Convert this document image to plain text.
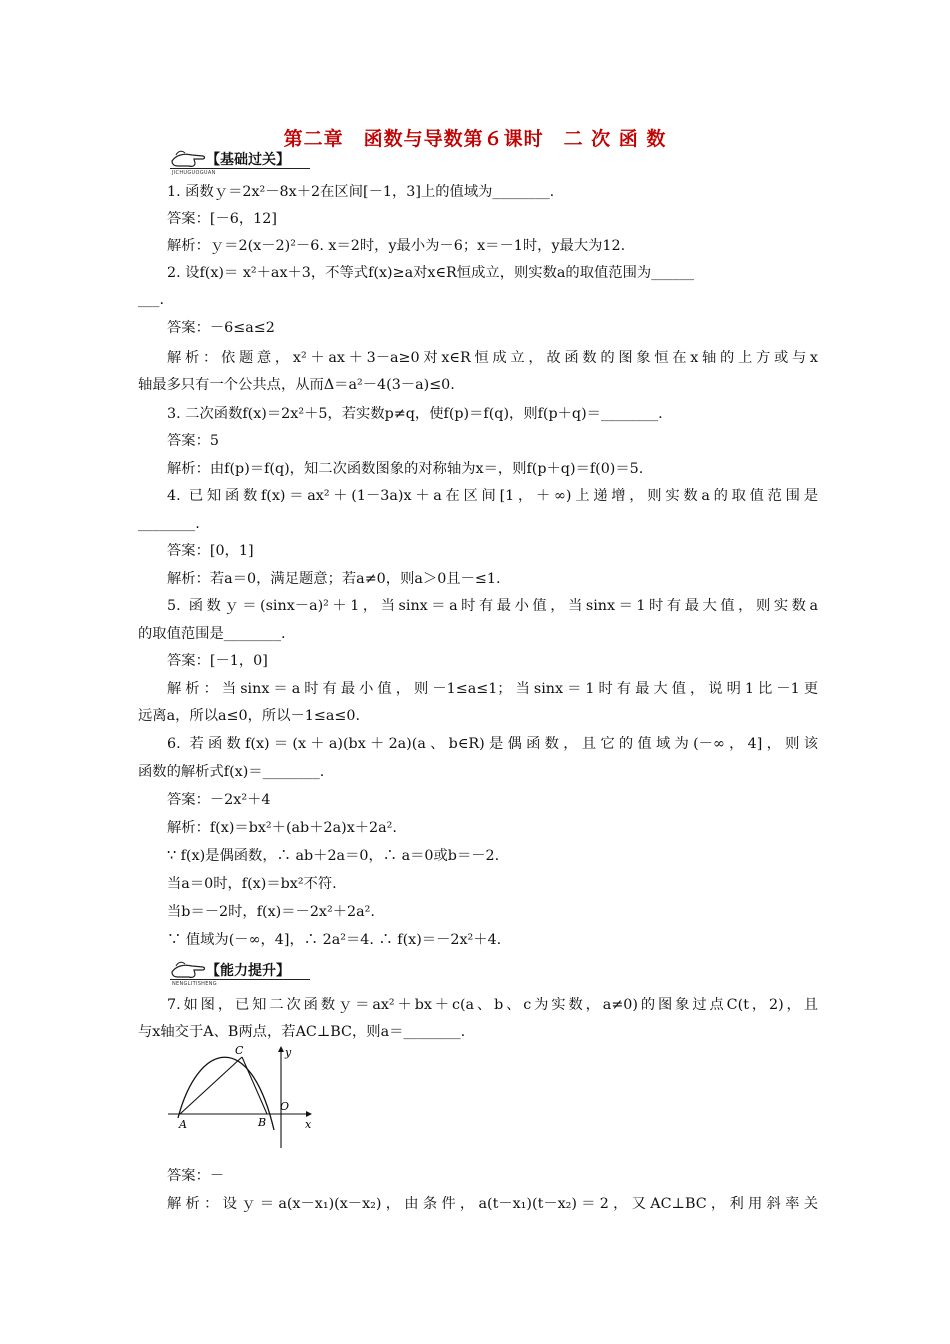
第二章　函数与导数第６课时　二 次 函 数
【基础过关】
JICHUGUOGUAN
1. 函数ｙ＝2x²－8x＋2在区间[－1，3]上的值域为________.
答案：[－6，12]
解析：ｙ＝2(x－2)²－6. x＝2时，y最小为－6；x＝－1时，y最大为12.
2. 设f(x)＝ x²＋ax＋3，不等式f(x)≥a对x∈R恒成立，则实数a的取值范围为______
___.
答案：－6≤a≤2
解析：依题意，x²＋ax＋3－a≥0对x∈R恒成立，故函数的图象恒在x轴的上方或与x
轴最多只有一个公共点，从而Δ＝a²－4(3－a)≤0.
3. 二次函数f(x)＝2x²＋5，若实数p≠q，使f(p)＝f(q)，则f(p＋q)＝________.
答案：5
解析：由f(p)＝f(q)，知二次函数图象的对称轴为x＝，则f(p＋q)＝f(0)＝5.
4. 已知函数f(x)＝ax²＋(1－3a)x＋a在区间[1，＋∞)上递增，则实数a的取值范围是
________.
答案：[0，1]
解析：若a＝0，满足题意；若a≠0，则a＞0且－≤1.
5. 函数ｙ＝(sinx－a)²＋1，当sinx＝a时有最小值，当sinx＝1时有最大值，则实数a
的取值范围是________.
答案：[－1，0]
解析：当sinx＝a时有最小值，则－1≤a≤1；当sinx＝1时有最大值，说明1比－1更
远离a，所以a≤0，所以－1≤a≤0.
6. 若函数f(x)＝(x＋a)(bx＋2a)(a、b∈R)是偶函数，且它的值域为(－∞，4]，则该
函数的解析式f(x)＝________.
答案：－2x²＋4
解析：f(x)＝bx²＋(ab＋2a)x＋2a².
∵ f(x)是偶函数，∴ ab＋2a＝0，∴ a＝0或b＝－2.
当a＝0时，f(x)＝bx²不符.
当b＝－2时，f(x)＝－2x²＋2a².
∵ 值域为(－∞，4]，∴ 2a²＝4. ∴ f(x)＝－2x²＋4.
【能力提升】
NENGLITISHENG
7.如图，已知二次函数ｙ＝ax²＋bx＋c(a、b、c为实数，a≠0)的图象过点C(t，2)，且
与x轴交于A、B两点，若AC⊥BC，则a＝________.
C	y
O
A	B	x
答案：－
解析：设ｙ＝a(x－x₁)(x－x₂)，由条件，a(t－x₁)(t－x₂)＝2，又AC⊥BC，利用斜率关
